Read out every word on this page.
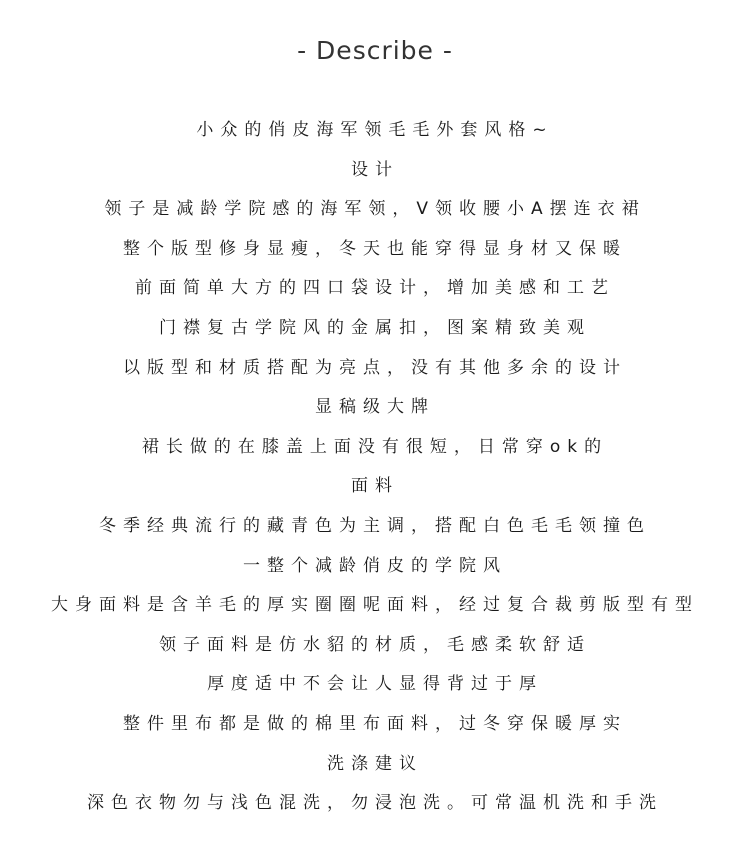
- Describe -
小众的俏皮海军领毛毛外套风格~
设计
领子是减龄学院感的海军领，V领收腰小A摆连衣裙
整个版型修身显瘦，冬天也能穿得显身材又保暖
前面简单大方的四口袋设计，增加美感和工艺
门襟复古学院风的金属扣，图案精致美观
以版型和材质搭配为亮点，没有其他多余的设计
显稿级大牌
裙长做的在膝盖上面没有很短，日常穿ok的
面料
冬季经典流行的藏青色为主调，搭配白色毛毛领撞色
一整个减龄俏皮的学院风
大身面料是含羊毛的厚实圈圈呢面料，经过复合裁剪版型有型
领子面料是仿水貂的材质，毛感柔软舒适
厚度适中不会让人显得背过于厚
整件里布都是做的棉里布面料，过冬穿保暖厚实
洗涤建议
深色衣物勿与浅色混洗，勿浸泡洗。可常温机洗和手洗
